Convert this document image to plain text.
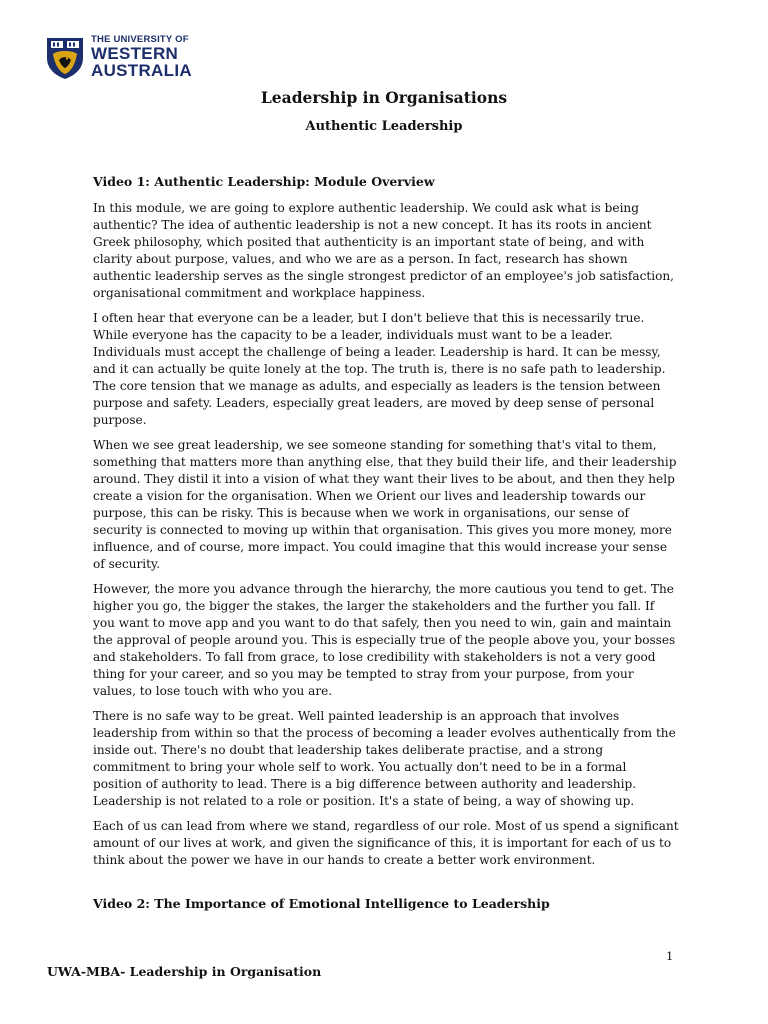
THE UNIVERSITY OF
WESTERN
AUSTRALIA
Leadership in Organisations
Authentic Leadership
Video 1: Authentic Leadership: Module Overview

In this module, we are going to explore authentic leadership. We could ask what is being authentic? The idea of authentic leadership is not a new concept. It has its roots in ancient Greek philosophy, which posited that authenticity is an important state of being, and with clarity about purpose, values, and who we are as a person. In fact, research has shown authentic leadership serves as the single strongest predictor of an employee's job satisfaction, organisational commitment and workplace happiness.

I often hear that everyone can be a leader, but I don't believe that this is necessarily true. While everyone has the capacity to be a leader, individuals must want to be a leader. Individuals must accept the challenge of being a leader. Leadership is hard. It can be messy, and it can actually be quite lonely at the top. The truth is, there is no safe path to leadership. The core tension that we manage as adults, and especially as leaders is the tension between purpose and safety. Leaders, especially great leaders, are moved by deep sense of personal purpose.

When we see great leadership, we see someone standing for something that's vital to them, something that matters more than anything else, that they build their life, and their leadership around. They distil it into a vision of what they want their lives to be about, and then they help create a vision for the organisation. When we Orient our lives and leadership towards our purpose, this can be risky. This is because when we work in organisations, our sense of security is connected to moving up within that organisation. This gives you more money, more influence, and of course, more impact. You could imagine that this would increase your sense of security.

However, the more you advance through the hierarchy, the more cautious you tend to get. The higher you go, the bigger the stakes, the larger the stakeholders and the further you fall. If you want to move app and you want to do that safely, then you need to win, gain and maintain the approval of people around you. This is especially true of the people above you, your bosses and stakeholders. To fall from grace, to lose credibility with stakeholders is not a very good thing for your career, and so you may be tempted to stray from your purpose, from your values, to lose touch with who you are.

There is no safe way to be great. Well painted leadership is an approach that involves leadership from within so that the process of becoming a leader evolves authentically from the inside out. There's no doubt that leadership takes deliberate practise, and a strong commitment to bring your whole self to work. You actually don't need to be in a formal position of authority to lead. There is a big difference between authority and leadership. Leadership is not related to a role or position. It's a state of being, a way of showing up.

Each of us can lead from where we stand, regardless of our role. Most of us spend a significant amount of our lives at work, and given the significance of this, it is important for each of us to think about the power we have in our hands to create a better work environment.

Video 2: The Importance of Emotional Intelligence to Leadership
1
UWA-MBA- Leadership in Organisation
